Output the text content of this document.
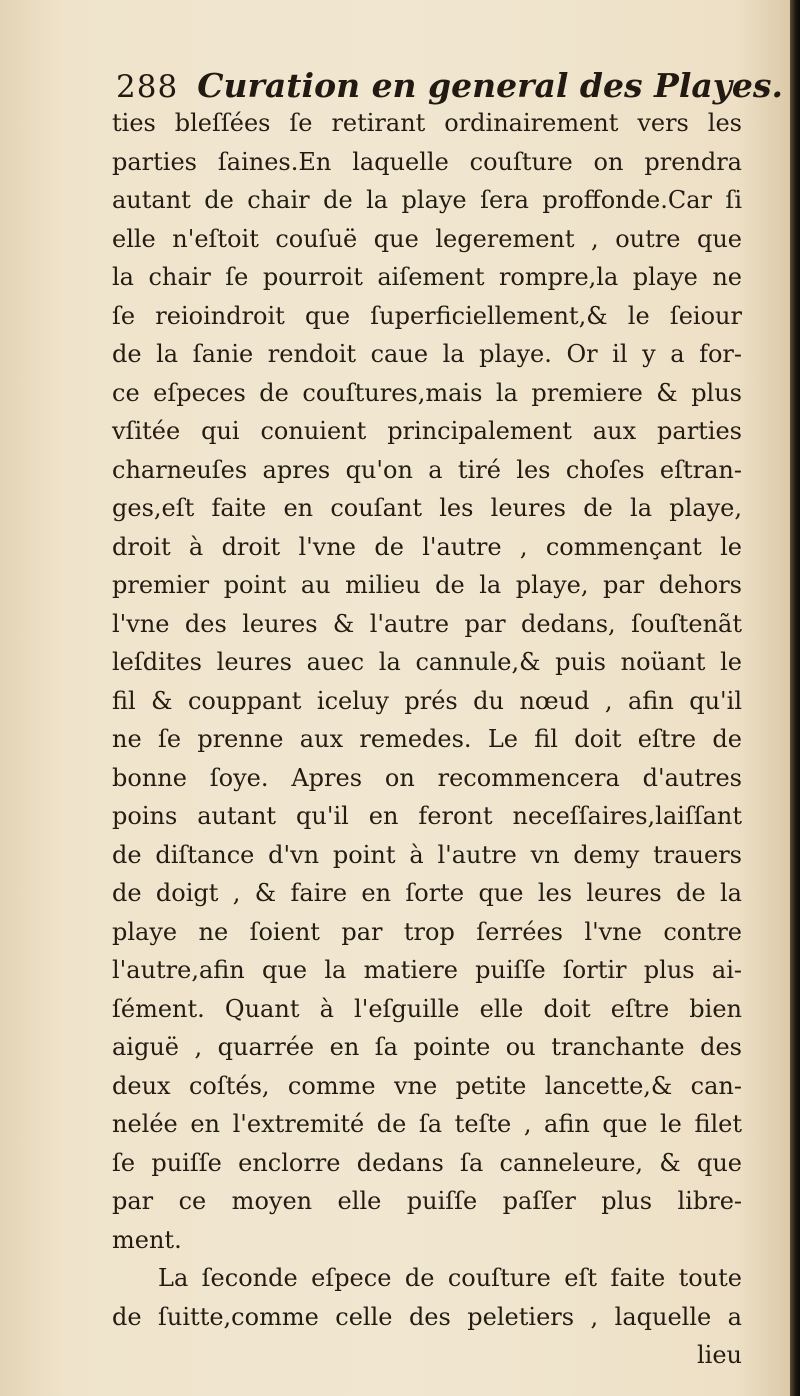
288 Curation en general des Playes.
ties bleſſées ſe retirant ordinairement vers les
parties ſaines.En laquelle couſture on prendra
autant de chair de la playe ſera proffonde.Car ſi
elle n'eſtoit couſuë que legerement , outre que
la chair ſe pourroit aiſement rompre,la playe ne
ſe reioindroit que ſuperficiellement,& le ſeiour
de la ſanie rendoit caue la playe. Or il y a for-
ce eſpeces de couſtures,mais la premiere & plus
vſitée qui conuient principalement aux parties
charneuſes apres qu'on a tiré les choſes eſtran-
ges,eſt faite en couſant les leures de la playe,
droit à droit l'vne de l'autre , commençant le
premier point au milieu de la playe, par dehors
l'vne des leures & l'autre par dedans, ſouſtenãt
leſdites leures auec la cannule,& puis noüant le
fil & couppant iceluy prés du nœud , afin qu'il
ne ſe prenne aux remedes. Le fil doit eſtre de
bonne ſoye. Apres on recommencera d'autres
poins autant qu'il en feront neceſſaires,laiſſant
de diſtance d'vn point à l'autre vn demy trauers
de doigt , & faire en ſorte que les leures de la
playe ne ſoient par trop ſerrées l'vne contre
l'autre,afin que la matiere puiſſe ſortir plus ai-
ſément. Quant à l'eſguille elle doit eſtre bien
aiguë , quarrée en ſa pointe ou tranchante des
deux coſtés, comme vne petite lancette,& can-
nelée en l'extremité de ſa teſte , afin que le filet
ſe puiſſe enclorre dedans ſa canneleure, & que
par ce moyen elle puiſſe paſſer plus libre-
ment.
La ſeconde eſpece de couſture eſt faite toute
de ſuitte,comme celle des peletiers , laquelle a
lieu
